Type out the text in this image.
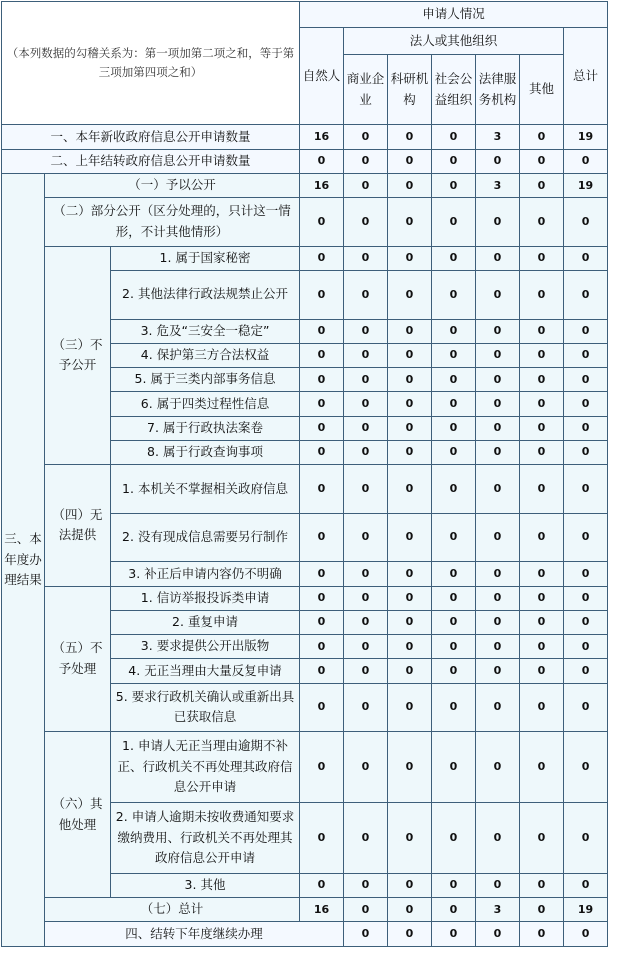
（本列数据的勾稽关系为：第一项加第二项之和，等于第三项加第四项之和）			申请人情况							
			自然人	法人或其他组织					总计	
				商业企业	科研机构	社会公益组织	法律服务机构	其他		
一、本年新收政府信息公开申请数量			16	0	0	0	3	0	19	
二、上年结转政府信息公开申请数量			0	0	0	0	0	0	0	
三、本年度办理结果	（一）予以公开		16	0	0	0	3	0	19	
	（二）部分公开（区分处理的，只计这一情形，不计其他情形）		0	0	0	0	0	0	0	
	（三）不予公开	1. 属于国家秘密	0	0	0	0	0	0	0	
		2. 其他法律行政法规禁止公开	0	0	0	0	0	0	0	
		3. 危及“三安全一稳定”	0	0	0	0	0	0	0	
		4. 保护第三方合法权益	0	0	0	0	0	0	0	
		5. 属于三类内部事务信息	0	0	0	0	0	0	0	
		6. 属于四类过程性信息	0	0	0	0	0	0	0	
		7. 属于行政执法案卷	0	0	0	0	0	0	0	
		8. 属于行政查询事项	0	0	0	0	0	0	0	
	（四）无法提供	1. 本机关不掌握相关政府信息	0	0	0	0	0	0	0	
		2. 没有现成信息需要另行制作	0	0	0	0	0	0	0	
		3. 补正后申请内容仍不明确	0	0	0	0	0	0	0	
	（五）不予处理	1. 信访举报投诉类申请	0	0	0	0	0	0	0	
		2. 重复申请	0	0	0	0	0	0	0	
		3. 要求提供公开出版物	0	0	0	0	0	0	0	
		4. 无正当理由大量反复申请	0	0	0	0	0	0	0	
		5. 要求行政机关确认或重新出具已获取信息	0	0	0	0	0	0	0	
	（六）其他处理	1. 申请人无正当理由逾期不补正、行政机关不再处理其政府信息公开申请	0	0	0	0	0	0	0	
		2. 申请人逾期未按收费通知要求缴纳费用、行政机关不再处理其政府信息公开申请	0	0	0	0	0	0	0	
		3. 其他	0	0	0	0	0	0	0	
	（七）总计		16	0	0	0	3	0	19	
	四、结转下年度继续办理			0	0	0	0	0	0	
